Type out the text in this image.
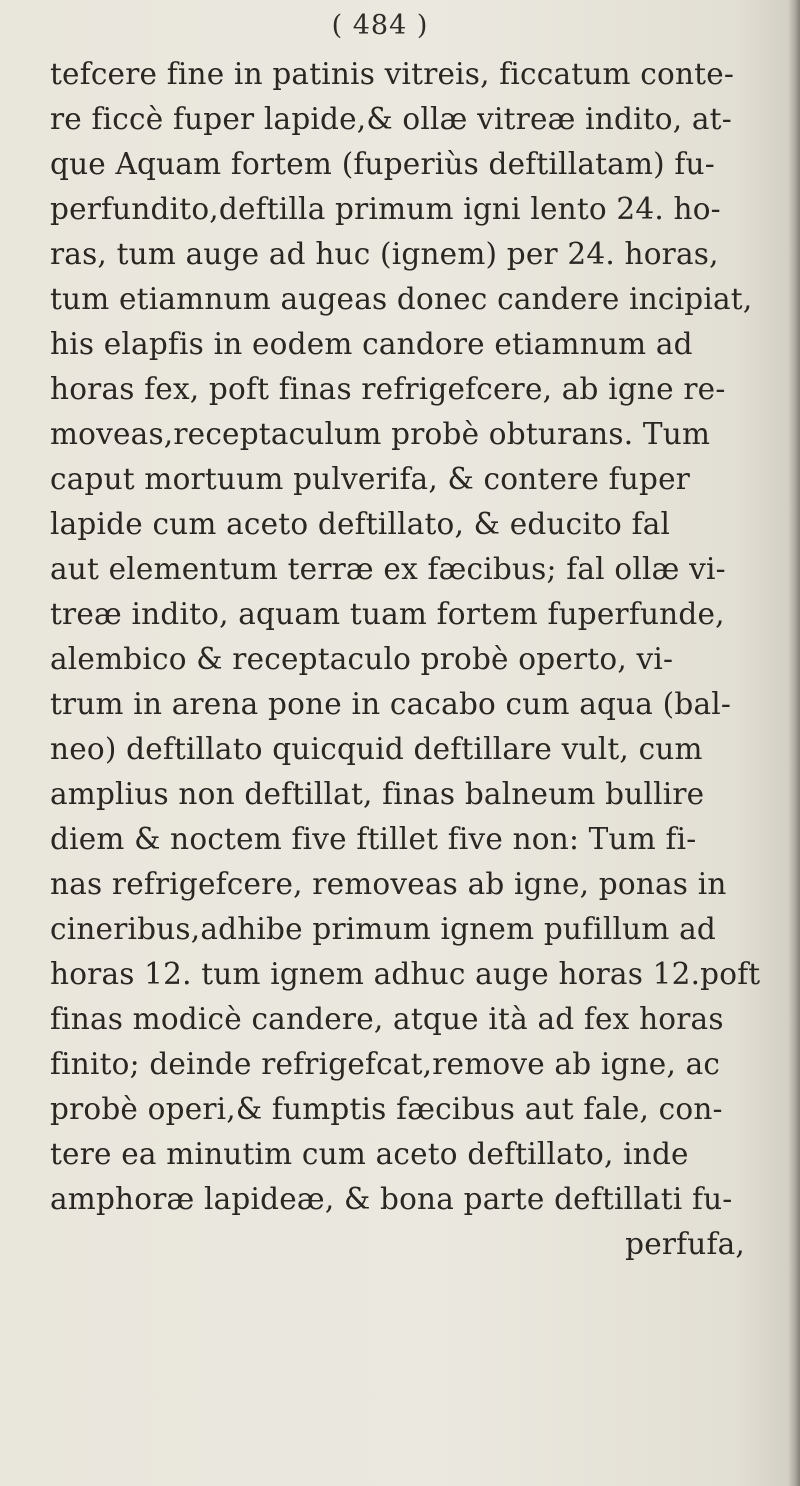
( 484 )
tefcere fine in patinis vitreis, ficcatum conte-
re ficcè fuper lapide,& ollæ vitreæ indito, at-
que Aquam fortem (fuperiùs deftillatam) fu-
perfundito,deftilla primum igni lento 24. ho-
ras, tum auge ad huc (ignem) per 24. horas,
tum etiamnum augeas donec candere incipiat,
his elapfis in eodem candore etiamnum ad
horas fex, poft finas refrigefcere, ab igne re-
moveas,receptaculum probè obturans. Tum
caput mortuum pulverifa, & contere fuper
lapide cum aceto deftillato, & educito fal
aut elementum terræ ex fæcibus; fal ollæ vi-
treæ indito, aquam tuam fortem fuperfunde,
alembico & receptaculo probè operto, vi-
trum in arena pone in cacabo cum aqua (bal-
neo) deftillato quicquid deftillare vult, cum
amplius non deftillat, finas balneum bullire
diem & noctem five ftillet five non: Tum fi-
nas refrigefcere, removeas ab igne, ponas in
cineribus,adhibe primum ignem pufillum ad
horas 12. tum ignem adhuc auge horas 12.poft
finas modicè candere, atque ità ad fex horas
finito; deinde refrigefcat,remove ab igne, ac
probè operi,& fumptis fæcibus aut fale, con-
tere ea minutim cum aceto deftillato, inde
amphoræ lapideæ, & bona parte deftillati fu-
perfufa,
